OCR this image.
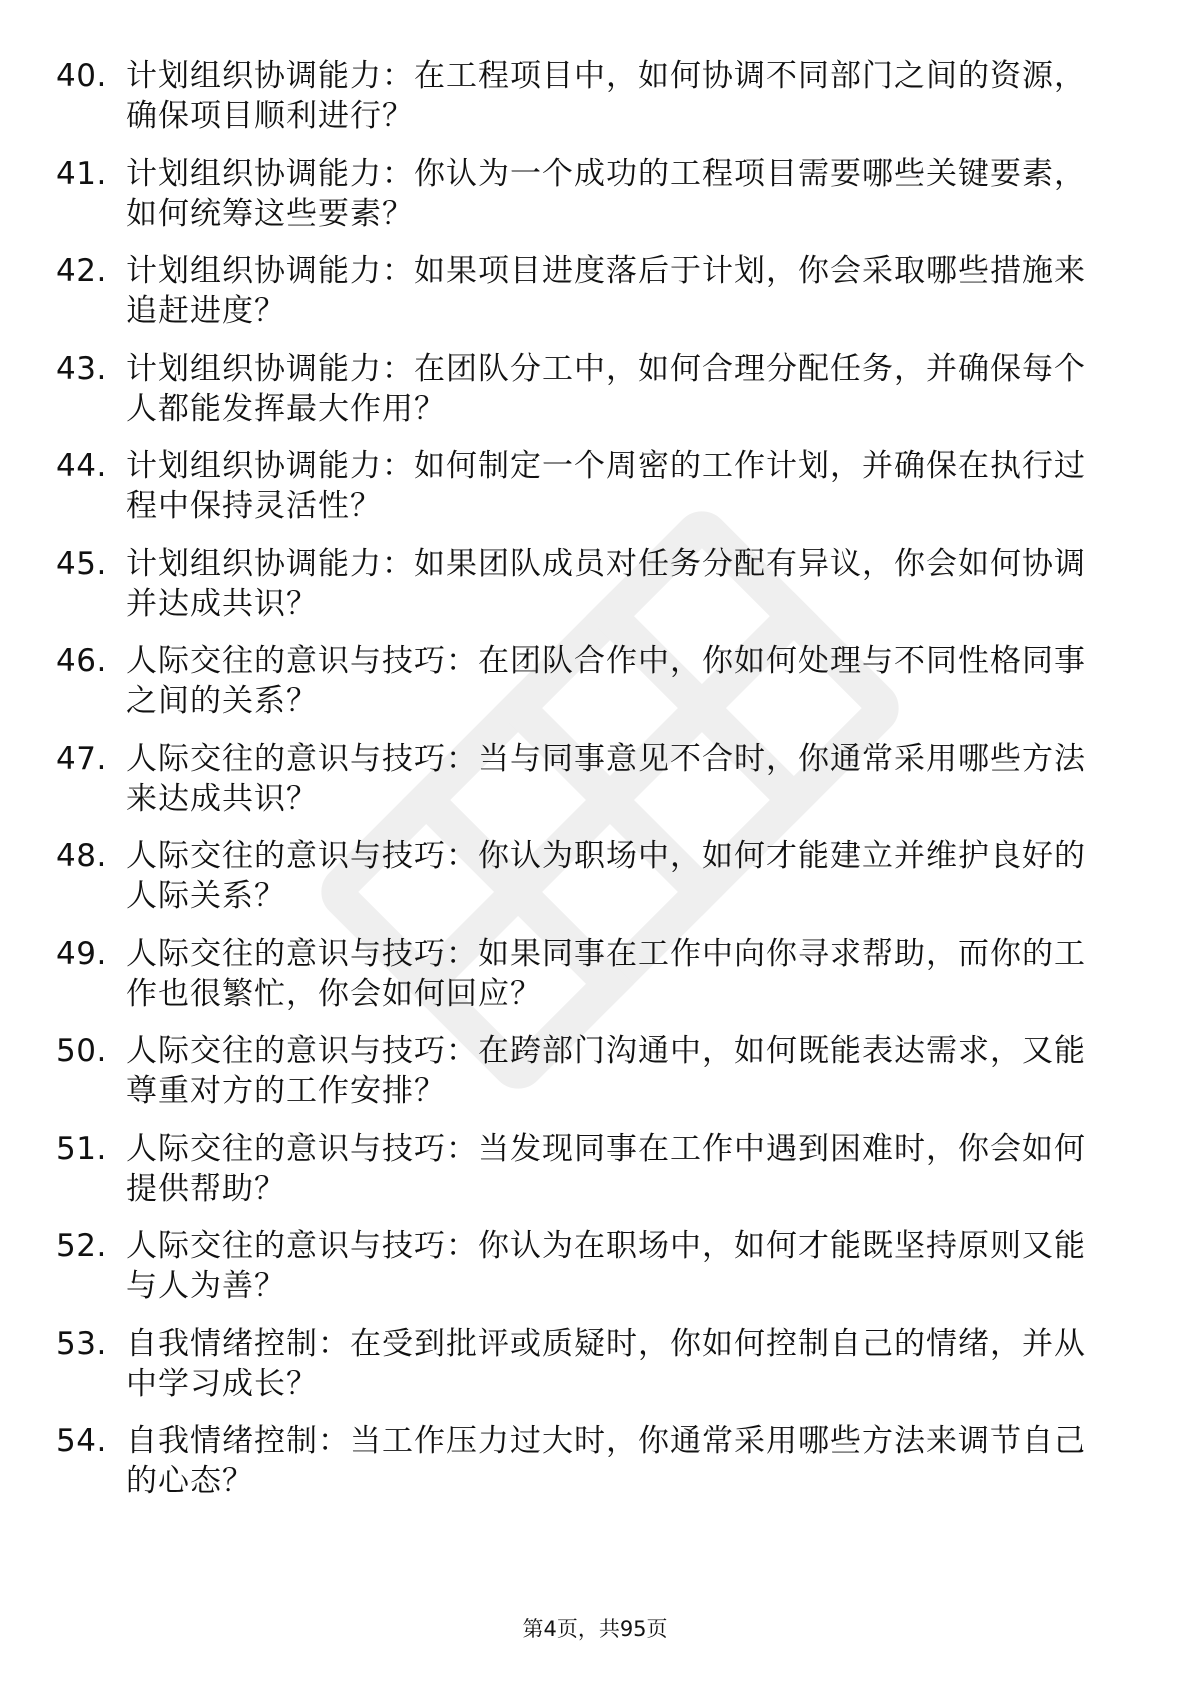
40. 计划组织协调能力：在工程项目中，如何协调不同部门之间的资源，确保项目顺利进行？
41. 计划组织协调能力：你认为一个成功的工程项目需要哪些关键要素，如何统筹这些要素？
42. 计划组织协调能力：如果项目进度落后于计划，你会采取哪些措施来追赶进度？
43. 计划组织协调能力：在团队分工中，如何合理分配任务，并确保每个人都能发挥最大作用？
44. 计划组织协调能力：如何制定一个周密的工作计划，并确保在执行过程中保持灵活性？
45. 计划组织协调能力：如果团队成员对任务分配有异议，你会如何协调并达成共识？
46. 人际交往的意识与技巧：在团队合作中，你如何处理与不同性格同事之间的关系？
47. 人际交往的意识与技巧：当与同事意见不合时，你通常采用哪些方法来达成共识？
48. 人际交往的意识与技巧：你认为职场中，如何才能建立并维护良好的人际关系？
49. 人际交往的意识与技巧：如果同事在工作中向你寻求帮助，而你的工作也很繁忙，你会如何回应？
50. 人际交往的意识与技巧：在跨部门沟通中，如何既能表达需求，又能尊重对方的工作安排？
51. 人际交往的意识与技巧：当发现同事在工作中遇到困难时，你会如何提供帮助？
52. 人际交往的意识与技巧：你认为在职场中，如何才能既坚持原则又能与人为善？
53. 自我情绪控制：在受到批评或质疑时，你如何控制自己的情绪，并从中学习成长？
54. 自我情绪控制：当工作压力过大时，你通常采用哪些方法来调节自己的心态？
第4页，共95页
